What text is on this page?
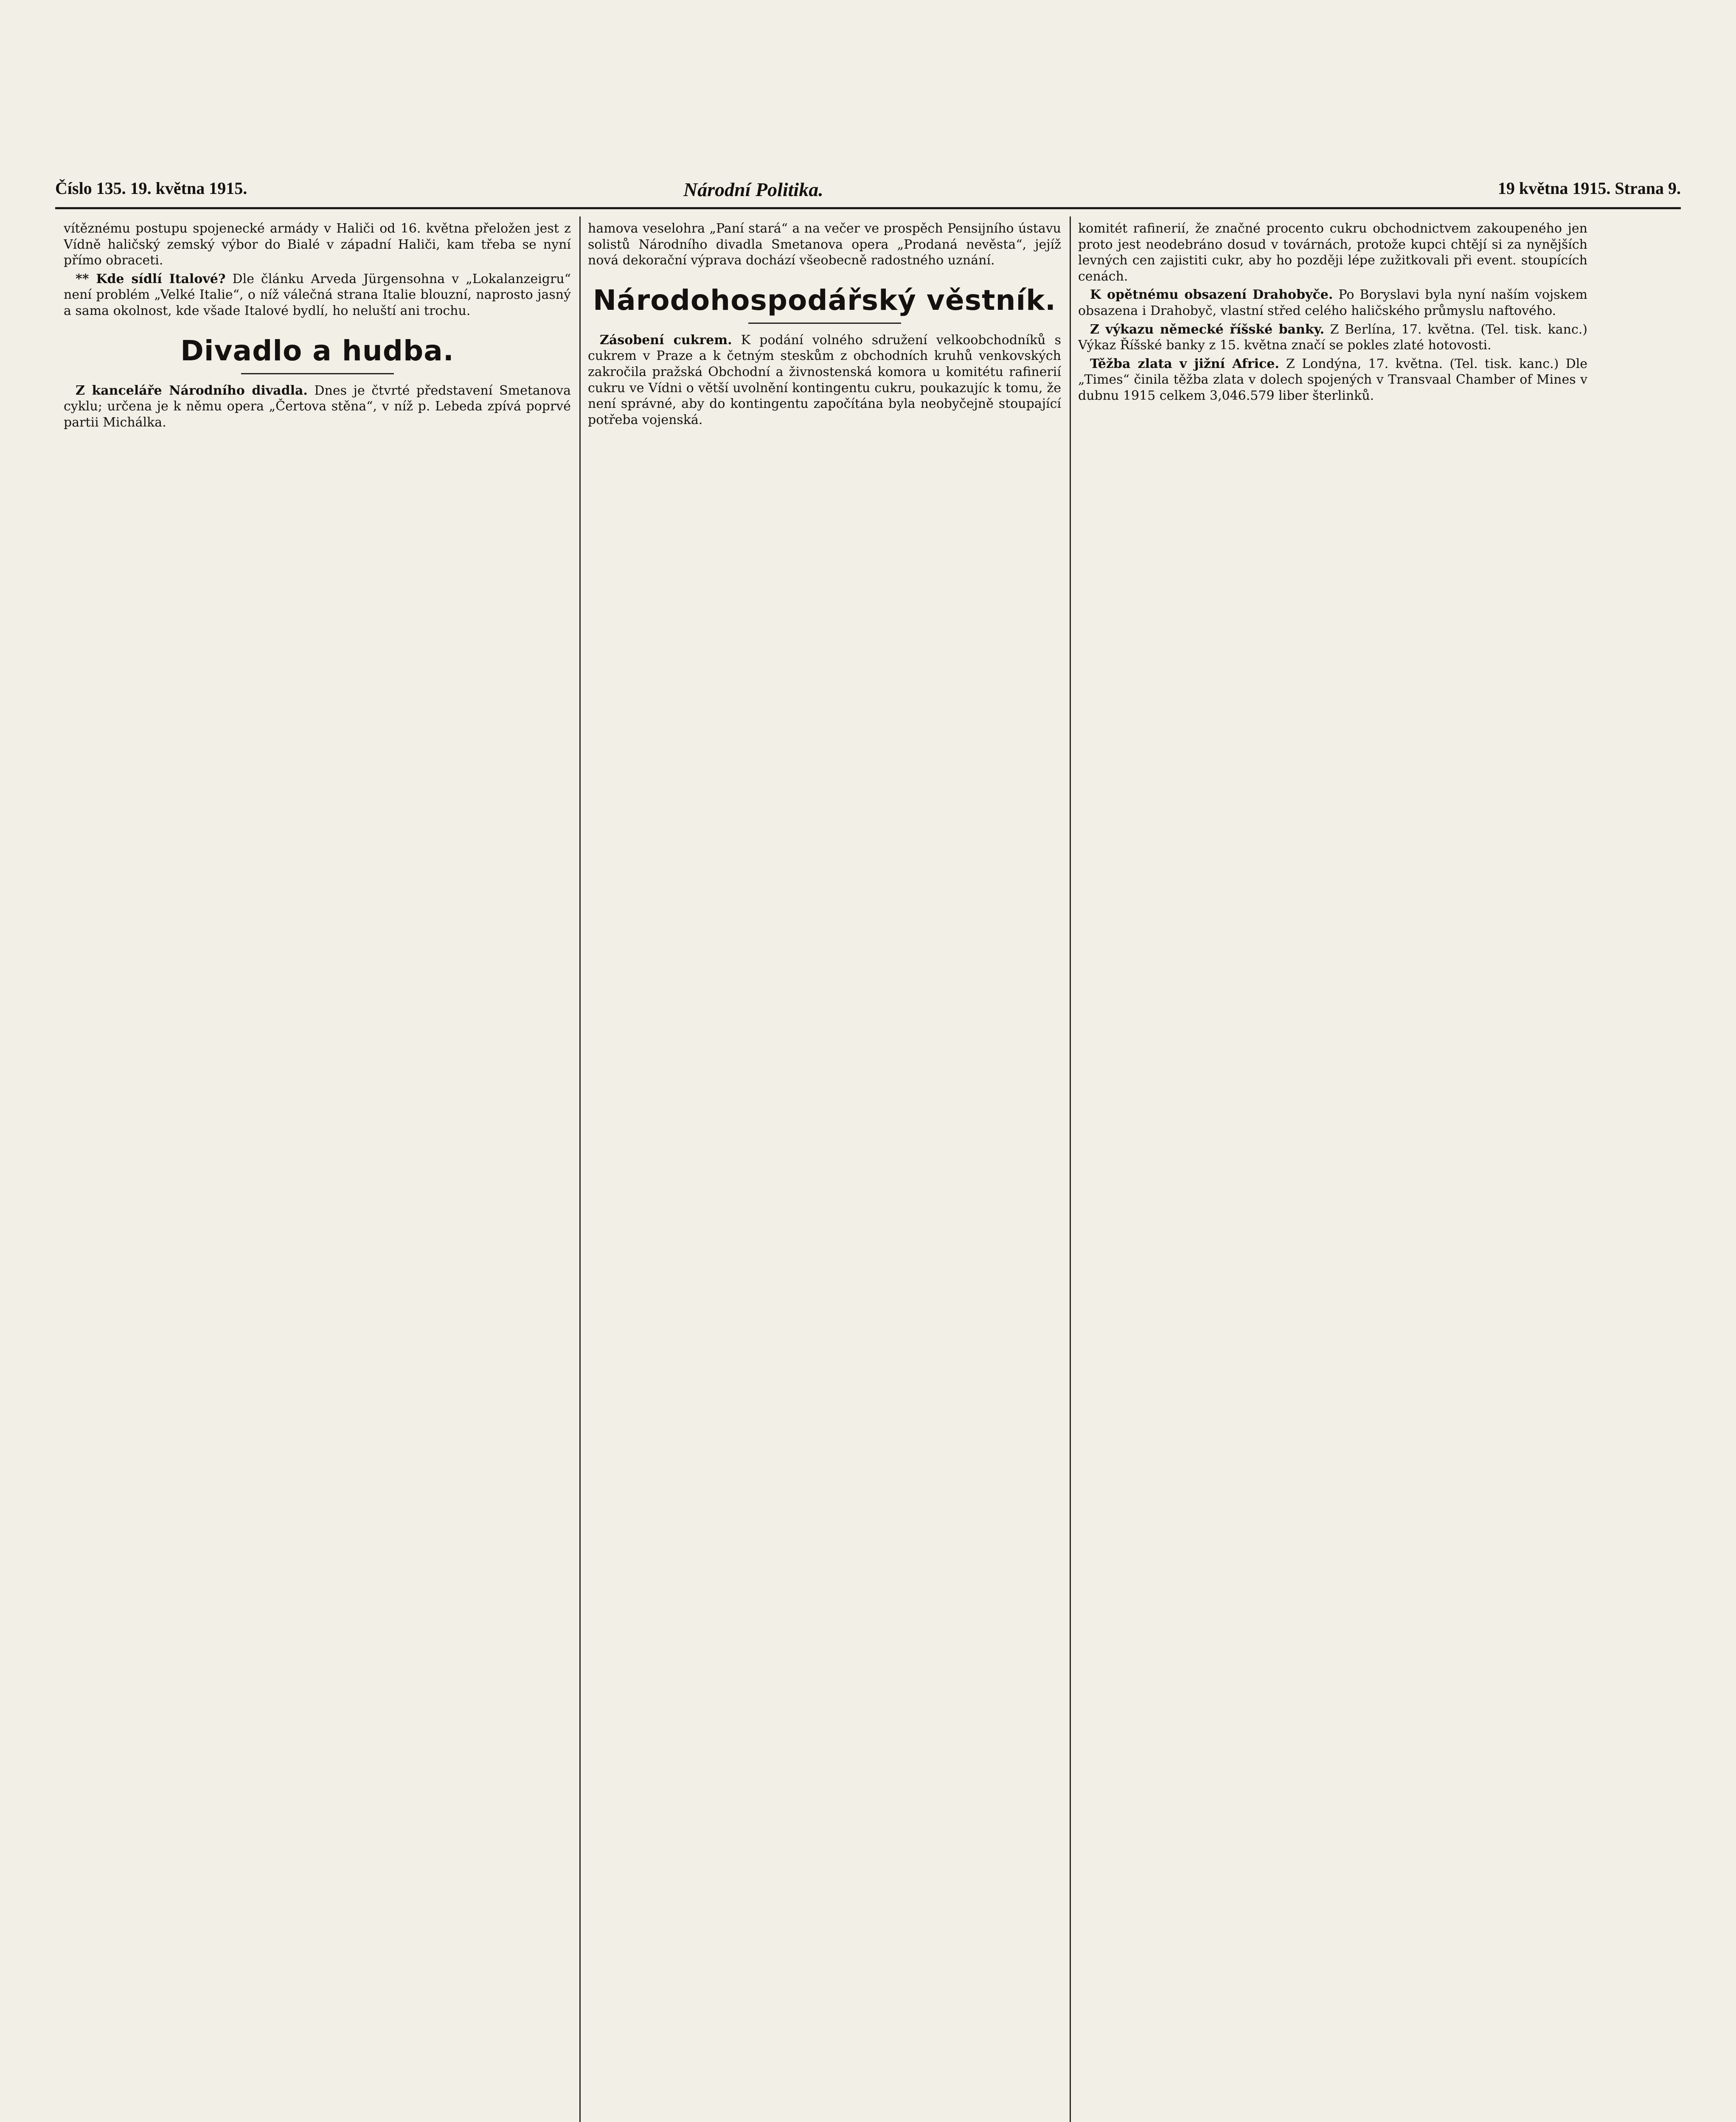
Číslo 135. 19. května 1915.	Národní Politika.	19 května 1915. Strana 9.

vítěznému postupu spojenecké armády v Haliči od 16. května přeložen jest z Vídně haličský zemský výbor do Bialé v západní Haliči, kam třeba se nyní přímo obraceti.

** Kde sídlí Italové? Dle článku Arveda Jürgensohna v „Lokalanzeigru“ není problém „Velké Italie“, o níž válečná strana Italie blouzní, naprosto jasný a sama okolnost, kde všade Italové bydlí, ho neluští ani trochu.

Divadlo a hudba.

Z kanceláře Národního divadla. Dnes je čtvrté představení Smetanova cyklu; určena je k němu opera „Čertova stěna“, v níž p. Lebeda zpívá poprvé partii Michálka.

hamova veselohra „Paní stará“ a na večer ve prospěch Pensijního ústavu solistů Národního divadla Smetanova opera „Prodaná nevěsta“, jejíž nová dekorační výprava dochází všeobecně radostného uznání.

Národohospodářský věstník.

Zásobení cukrem. K podání volného sdružení velkoobchodníků s cukrem v Praze a k četným steskům z obchodních kruhů venkovských zakročila pražská Obchodní a živnostenská komora u komitétu rafinerií cukru ve Vídni o větší uvolnění kontingentu cukru, poukazujíc k tomu, že není správné, aby do kontingentu započítána byla neobyčejně stoupající potřeba vojenská.

komitét rafinerií, že značné procento cukru obchodnictvem zakoupeného jen proto jest neodebráno dosud v továrnách, protože kupci chtějí si za nynějších levných cen zajistiti cukr, aby ho později lépe zužitkovali při event. stoupících cenách.

K opětnému obsazení Drahobyče. Po Boryslavi byla nyní naším vojskem obsazena i Drahobyč, vlastní střed celého haličského průmyslu naftového.

Z výkazu německé říšské banky. Z Berlína, 17. května. (Tel. tisk. kanc.) Výkaz Říšské banky z 15. května značí se pokles zlaté hotovosti.

Těžba zlata v jižní Africe. Z Londýna, 17. května. (Tel. tisk. kanc.) Dle „Times“ činila těžba zlata v dolech spojených v Transvaal Chamber of Mines v dubnu 1915 celkem 3,046.579 liber šterlinků.
